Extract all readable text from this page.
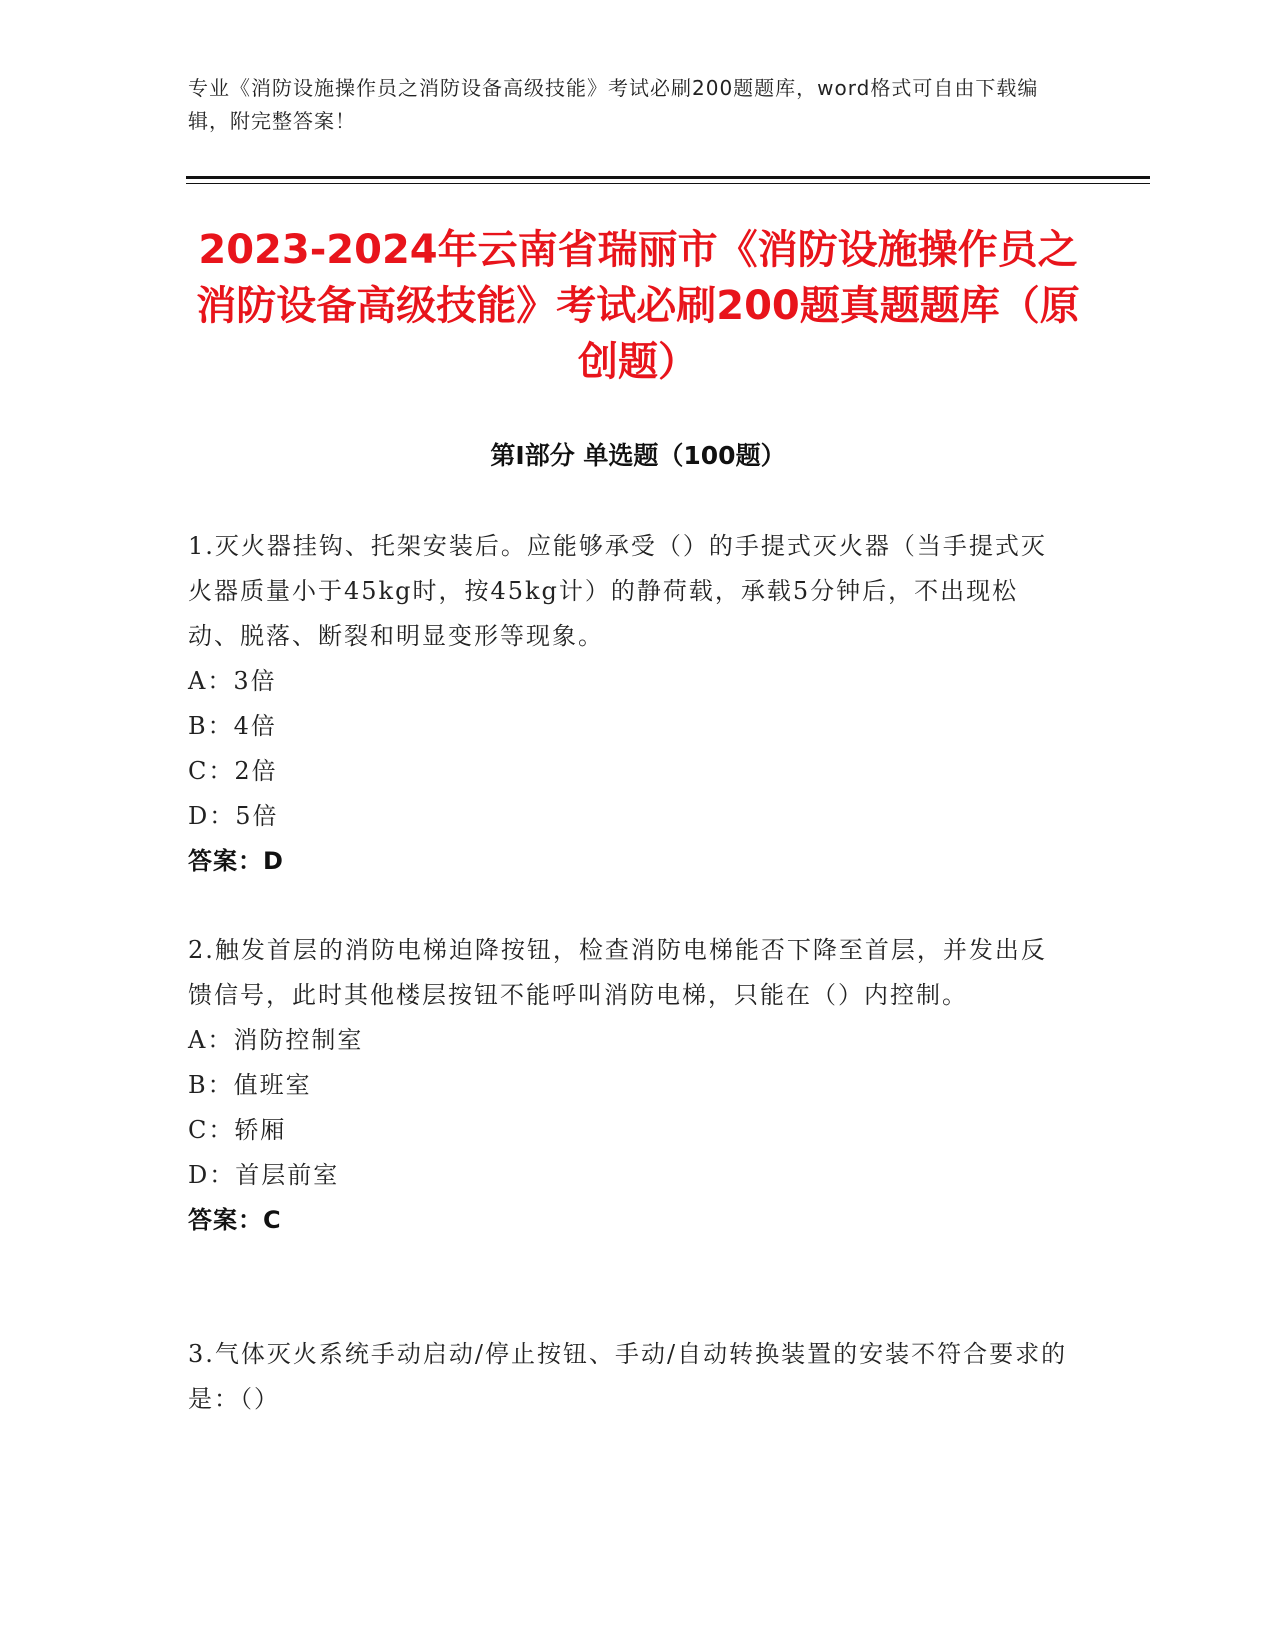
专业《消防设施操作员之消防设备高级技能》考试必刷200题题库，word格式可自由下载编辑，附完整答案！
2023-2024年云南省瑞丽市《消防设施操作员之消防设备高级技能》考试必刷200题真题题库（原创题）
第Ⅰ部分 单选题（100题）

1.灭火器挂钩、托架安装后。应能够承受（）的手提式灭火器（当手提式灭火器质量小于45kg时，按45kg计）的静荷载，承载5分钟后，不出现松动、脱落、断裂和明显变形等现象。

A：3倍

B：4倍

C：2倍

D：5倍

答案：D

2.触发首层的消防电梯迫降按钮，检查消防电梯能否下降至首层，并发出反馈信号，此时其他楼层按钮不能呼叫消防电梯，只能在（）内控制。

A：消防控制室

B：值班室

C：轿厢

D：首层前室

答案：C

3.气体灭火系统手动启动/停止按钮、手动/自动转换装置的安装不符合要求的是：（）
